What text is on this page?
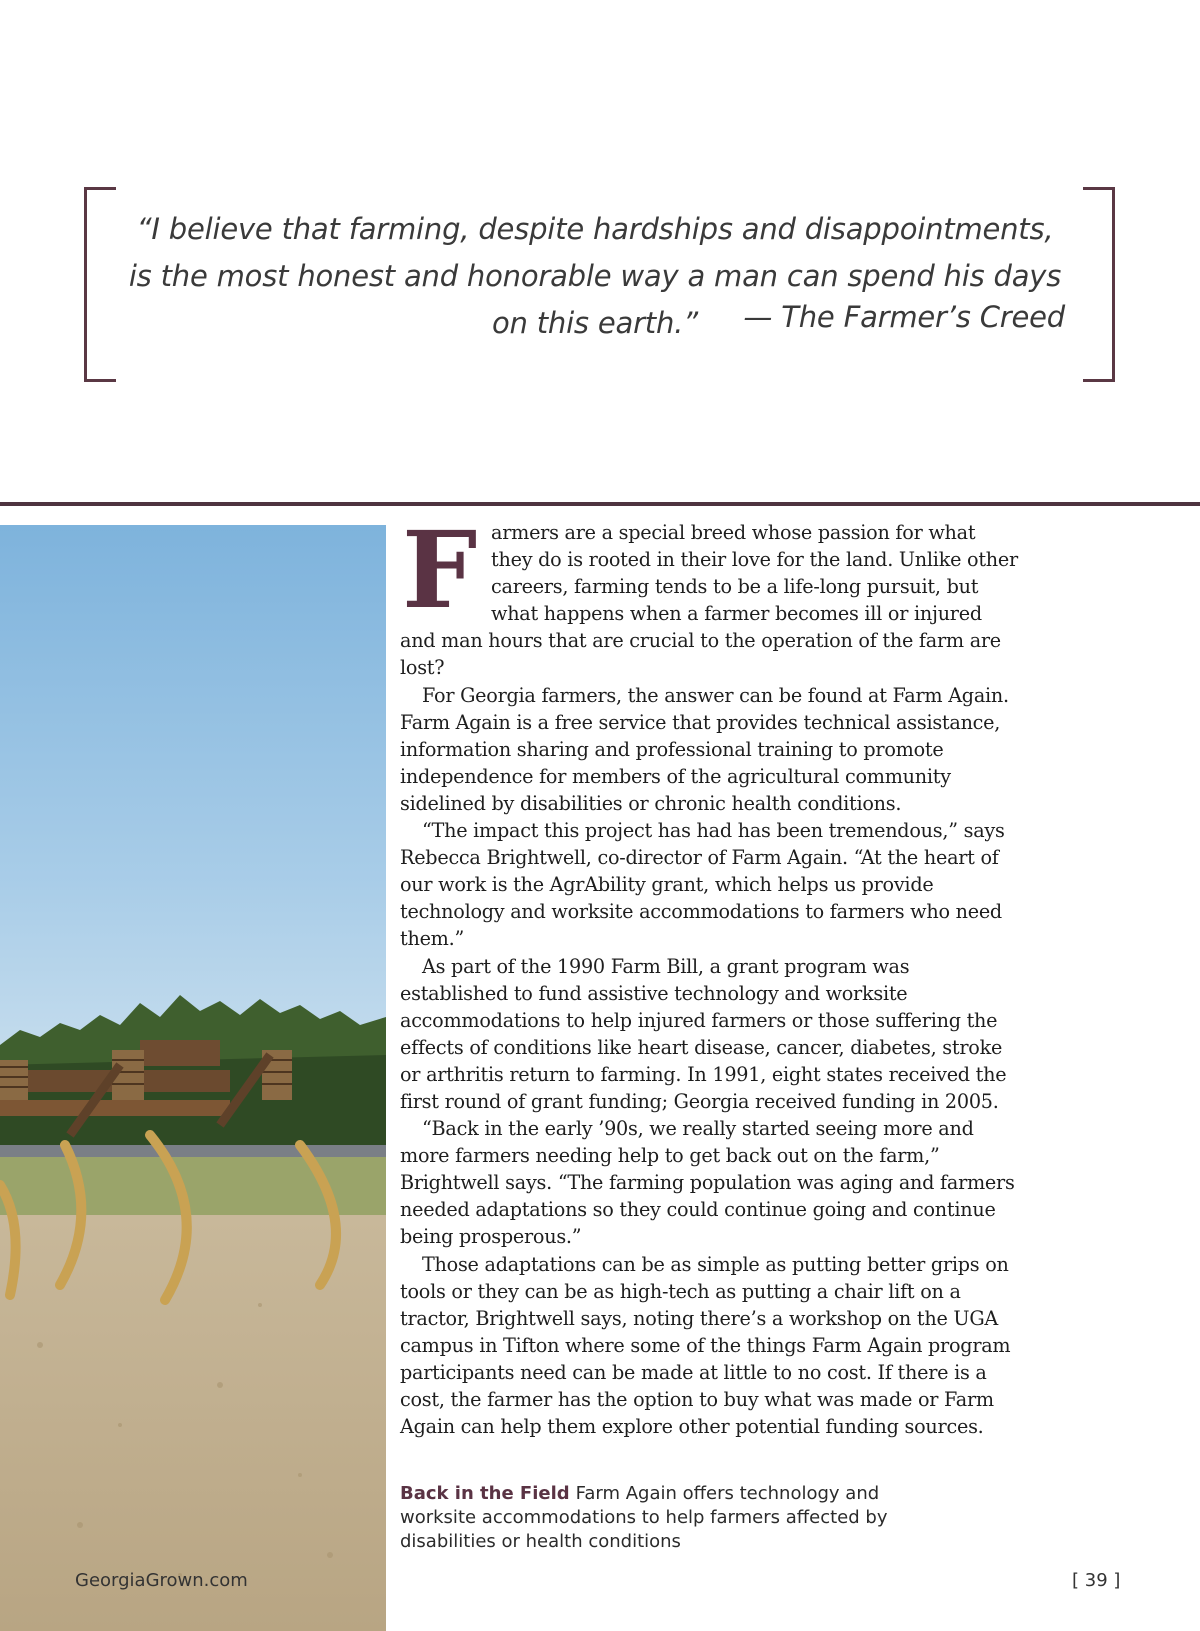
“I believe that farming, despite hardships and disappointments, is the most honest and honorable way a man can spend his days on this earth.”	— The Farmer’s Creed
GeorgiaGrown.com

Farmers are a special breed whose passion for what they do is rooted in their love for the land. Unlike other careers, farming tends to be a life-long pursuit, but what happens when a farmer becomes ill or injured and man hours that are crucial to the operation of the farm are lost?

For Georgia farmers, the answer can be found at Farm Again. Farm Again is a free service that provides technical assistance, information sharing and professional training to promote independence for members of the agricultural community sidelined by disabilities or chronic health conditions.

“The impact this project has had has been tremendous,” says Rebecca Brightwell, co-director of Farm Again. “At the heart of our work is the AgrAbility grant, which helps us provide technology and worksite accommodations to farmers who need them.”

As part of the 1990 Farm Bill, a grant program was established to fund assistive technology and worksite accommodations to help injured farmers or those suffering the effects of conditions like heart disease, cancer, diabetes, stroke or arthritis return to farming. In 1991, eight states received the first round of grant funding; Georgia received funding in 2005.

“Back in the early ’90s, we really started seeing more and more farmers needing help to get back out on the farm,” Brightwell says. “The farming population was aging and farmers needed adaptations so they could continue going and continue being prosperous.”

Those adaptations can be as simple as putting better grips on tools or they can be as high-tech as putting a chair lift on a tractor, Brightwell says, noting there’s a workshop on the UGA campus in Tifton where some of the things Farm Again program participants need can be made at little to no cost. If there is a cost, the farmer has the option to buy what was made or Farm Again can help them explore other potential funding sources.

Back in the Field Farm Again offers technology and worksite accommodations to help farmers affected by disabilities or health conditions
[ 39 ]
